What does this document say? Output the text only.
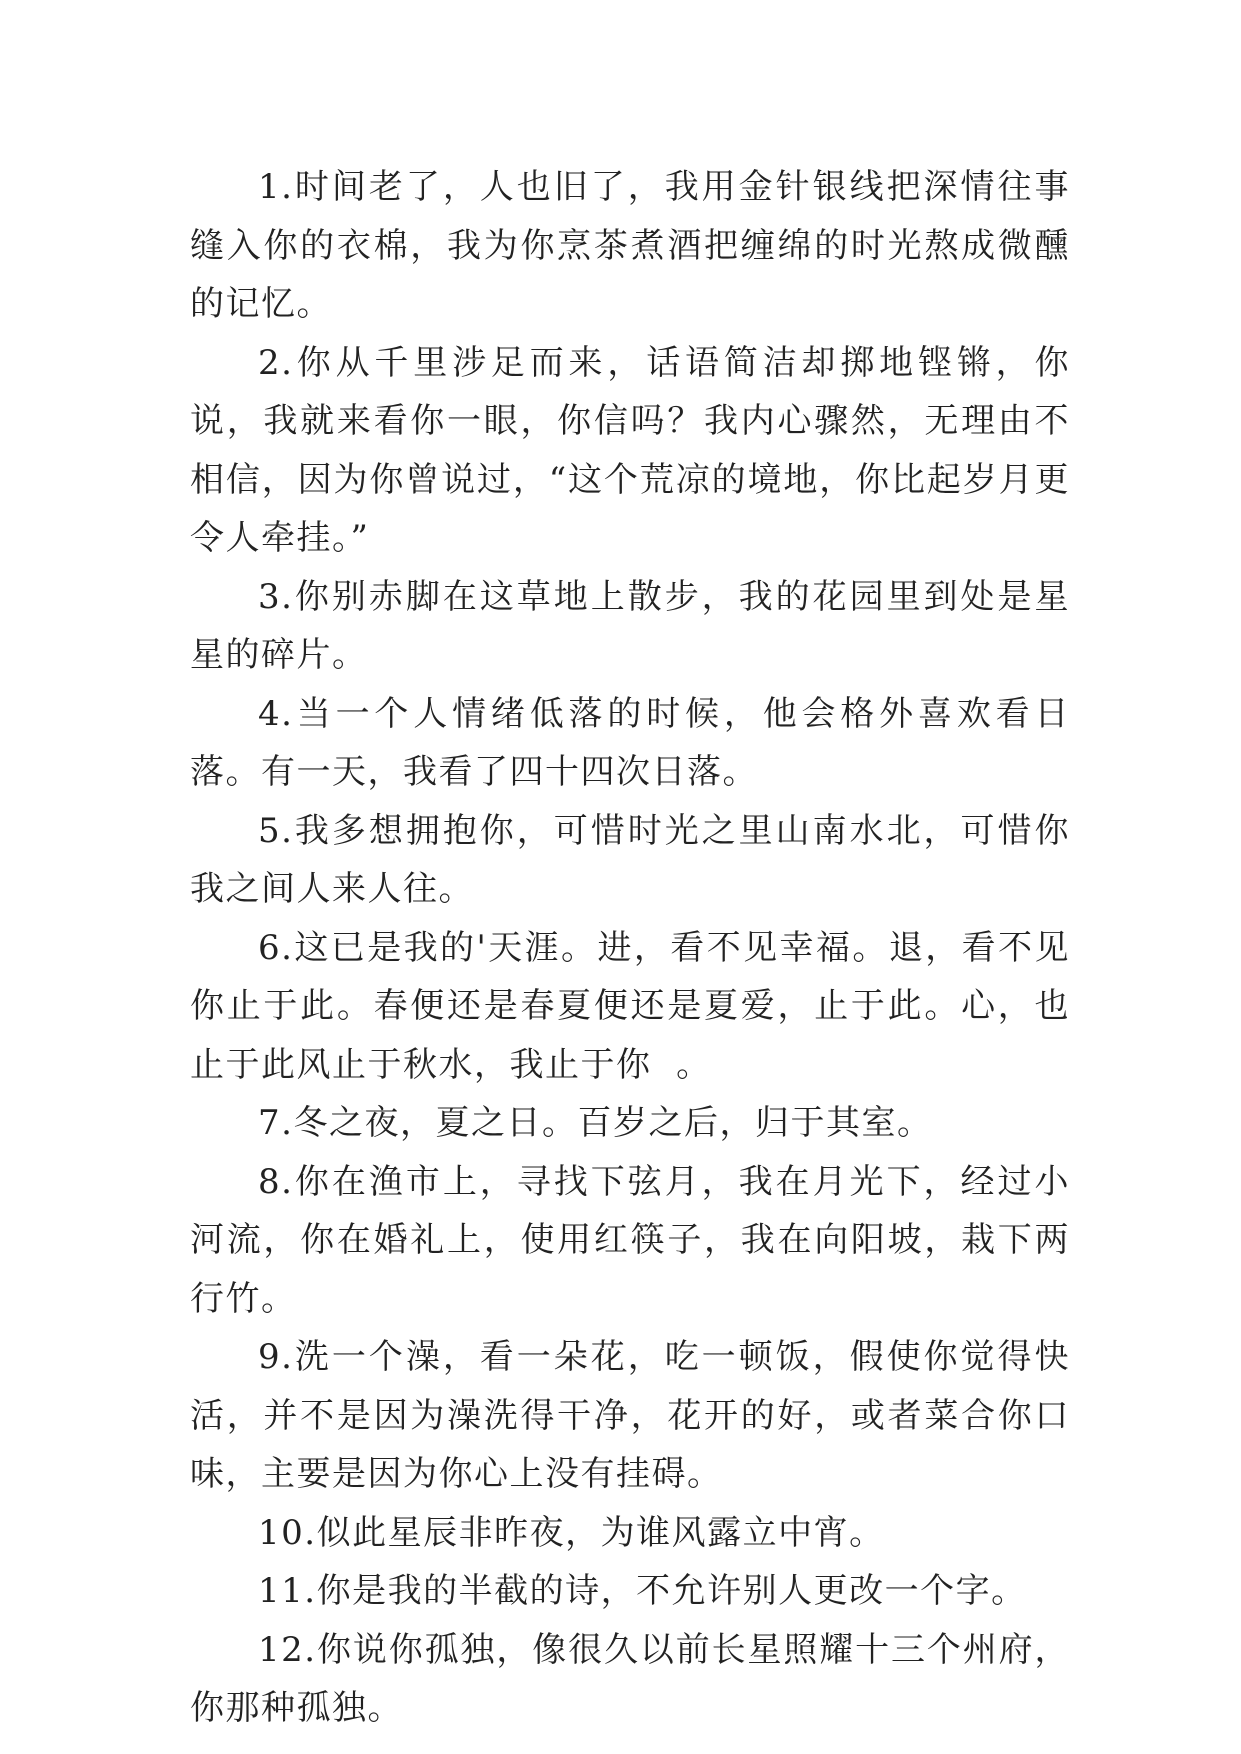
1.时间老了，人也旧了，我用金针银线把深情往事缝入你的衣棉，我为你烹茶煮酒把缠绵的时光熬成微醺的记忆。

2.你从千里涉足而来，话语简洁却掷地铿锵，你说，我就来看你一眼，你信吗？我内心骤然，无理由不相信，因为你曾说过，“这个荒凉的境地，你比起岁月更令人牵挂。”

3.你别赤脚在这草地上散步，我的花园里到处是星星的碎片。

4.当一个人情绪低落的时候，他会格外喜欢看日落。有一天，我看了四十四次日落。

5.我多想拥抱你，可惜时光之里山南水北，可惜你我之间人来人往。

6.这已是我的'天涯。进，看不见幸福。退，看不见你止于此。春便还是春夏便还是夏爱，止于此。心，也止于此风止于秋水，我止于你  。

7.冬之夜，夏之日。百岁之后，归于其室。

8.你在渔市上，寻找下弦月，我在月光下，经过小河流，你在婚礼上，使用红筷子，我在向阳坡，栽下两行竹。

9.洗一个澡，看一朵花，吃一顿饭，假使你觉得快活，并不是因为澡洗得干净，花开的好，或者菜合你口味，主要是因为你心上没有挂碍。

10.似此星辰非昨夜，为谁风露立中宵。

11.你是我的半截的诗，不允许别人更改一个字。

12.你说你孤独，像很久以前长星照耀十三个州府，你那种孤独。
